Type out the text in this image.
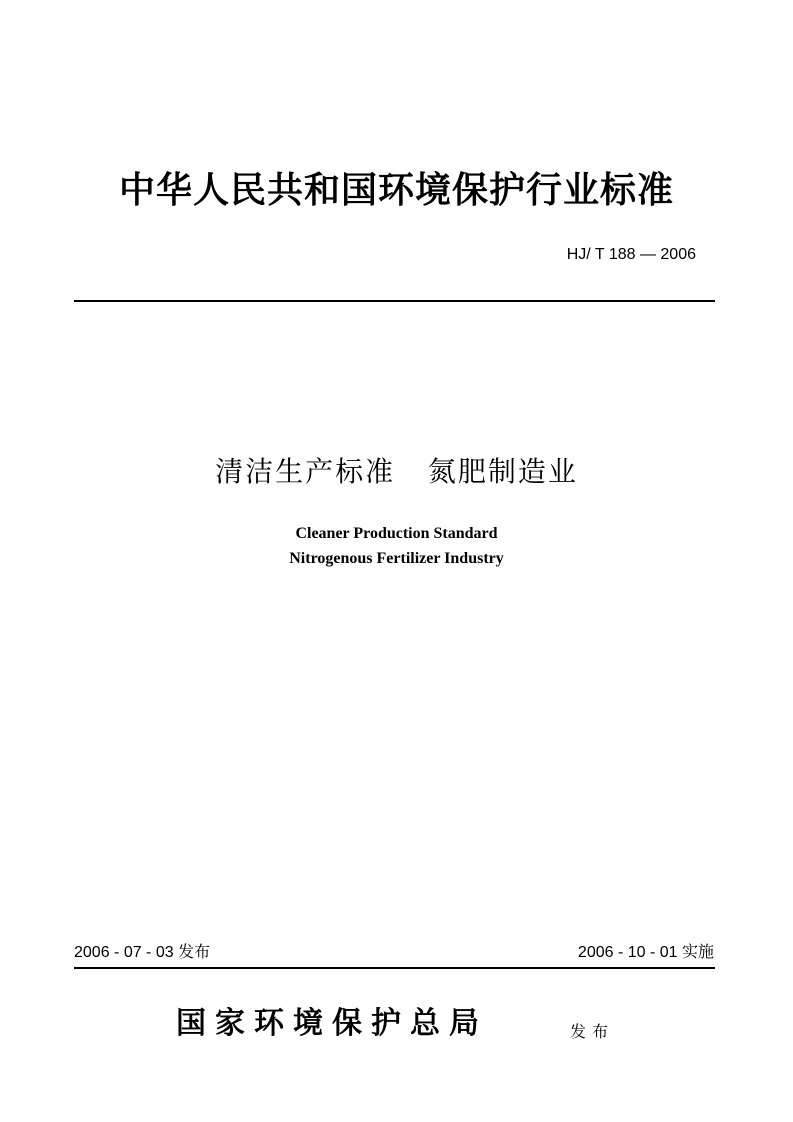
中华人民共和国环境保护行业标准
HJ/ T 188 — 2006
清洁生产标准   氮肥制造业
Cleaner Production Standard
Nitrogenous Fertilizer Industry
2006 - 07 - 03 发布	2006 - 10 - 01 实施
国家环境保护总局	发布
